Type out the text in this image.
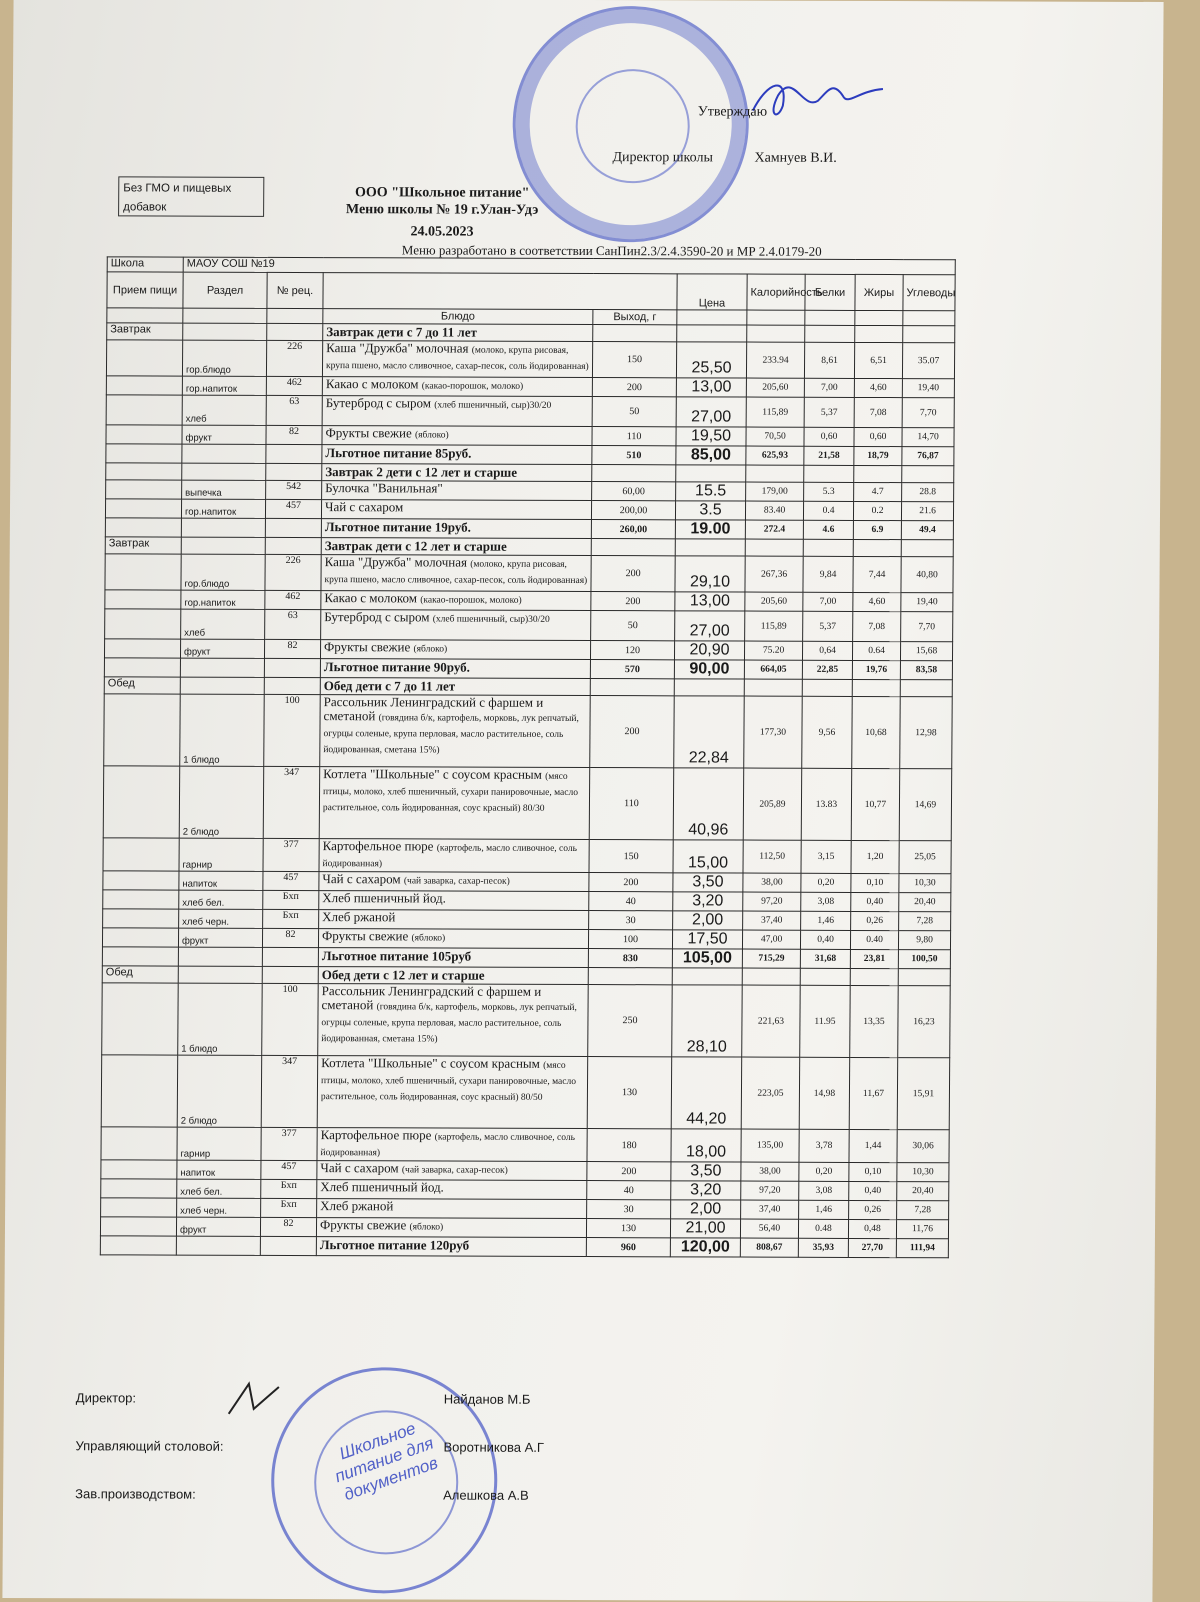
Утверждаю
Директор школы	Хамнуев В.И.
Без ГМО и пищевых добавок
ООО "Школьное питание"
Меню школы № 19 г.Улан-Удэ
24.05.2023
Меню разработано в соответствии СанПин2.3/2.4.3590-20 и МР 2.4.0179-20
Школа	МАОУ СОШ №19								
Прием пищи	Раздел	№ рец.			Цена	Калорийность	Белки	Жиры	Углеводы
			Блюдо	Выход, г					
Завтрак			Завтрак дети с 7 до 11 лет						
	гор.блюдо	226	Каша "Дружба" молочная (молоко, крупа рисовая, крупа пшено, масло сливочное, сахар-песок, соль йодированная)	150	25,50	233.94	8,61	6,51	35.07
	гор.напиток	462	Какао с молоком (какао-порошок, молоко)	200	13,00	205,60	7,00	4,60	19,40
	хлеб	63	Бутерброд с сыром (хлеб пшеничный, сыр)30/20	50	27,00	115,89	5,37	7,08	7,70
	фрукт	82	Фрукты свежие (яблоко)	110	19,50	70,50	0,60	0,60	14,70
			Льготное питание 85руб.	510	85,00	625,93	21,58	18,79	76,87
			Завтрак 2 дети с 12 лет и старше						
	выпечка	542	Булочка "Ванильная"	60,00	15.5	179,00	5.3	4.7	28.8
	гор.напиток	457	Чай с сахаром	200,00	3.5	83.40	0.4	0.2	21.6
			Льготное питание 19руб.	260,00	19.00	272.4	4.6	6.9	49.4
Завтрак			Завтрак дети с 12 лет и старше						
	гор.блюдо	226	Каша "Дружба" молочная (молоко, крупа рисовая, крупа пшено, масло сливочное, сахар-песок, соль йодированная)	200	29,10	267,36	9,84	7,44	40,80
	гор.напиток	462	Какао с молоком (какао-порошок, молоко)	200	13,00	205,60	7,00	4,60	19,40
	хлеб	63	Бутерброд с сыром (хлеб пшеничный, сыр)30/20	50	27,00	115,89	5,37	7,08	7,70
	фрукт	82	Фрукты свежие (яблоко)	120	20,90	75.20	0,64	0.64	15,68
			Льготное питание 90руб.	570	90,00	664,05	22,85	19,76	83,58
Обед			Обед дети с 7 до 11 лет						
	1 блюдо	100	Рассольник Ленинградский с фаршем и сметаной (говядина б/к, картофель, морковь, лук репчатый, огурцы соленые, крупа перловая, масло растительное, соль йодированная, сметана 15%)	200	22,84	177,30	9,56	10,68	12,98
	2 блюдо	347	Котлета "Школьные" с соусом красным (мясо птицы, молоко, хлеб пшеничный, сухари панировочные, масло растительное, соль йодированная, соус красный) 80/30	110	40,96	205,89	13.83	10,77	14,69
	гарнир	377	Картофельное пюре (картофель, масло сливочное, соль йодированная)	150	15,00	112,50	3,15	1,20	25,05
	напиток	457	Чай с сахаром (чай заварка, сахар-песок)	200	3,50	38,00	0,20	0,10	10,30
	хлеб бел.	Бхп	Хлеб пшеничный йод.	40	3,20	97,20	3,08	0,40	20,40
	хлеб черн.	Бхп	Хлеб ржаной	30	2,00	37,40	1,46	0,26	7,28
	фрукт	82	Фрукты свежие (яблоко)	100	17,50	47,00	0,40	0.40	9,80
			Льготное питание 105руб	830	105,00	715,29	31,68	23,81	100,50
Обед			Обед дети с 12 лет и старше						
	1 блюдо	100	Рассольник Ленинградский с фаршем и сметаной (говядина б/к, картофель, морковь, лук репчатый, огурцы соленые, крупа перловая, масло растительное, соль йодированная, сметана 15%)	250	28,10	221,63	11.95	13,35	16,23
	2 блюдо	347	Котлета "Школьные" с соусом красным (мясо птицы, молоко, хлеб пшеничный, сухари панировочные, масло растительное, соль йодированная, соус красный) 80/50	130	44,20	223,05	14,98	11,67	15,91
	гарнир	377	Картофельное пюре (картофель, масло сливочное, соль йодированная)	180	18,00	135,00	3,78	1,44	30,06
	напиток	457	Чай с сахаром (чай заварка, сахар-песок)	200	3,50	38,00	0,20	0,10	10,30
	хлеб бел.	Бхп	Хлеб пшеничный йод.	40	3,20	97,20	3,08	0,40	20,40
	хлеб черн.	Бхп	Хлеб ржаной	30	2,00	37,40	1,46	0,26	7,28
	фрукт	82	Фрукты свежие (яблоко)	130	21,00	56,40	0.48	0,48	11,76
			Льготное питание 120руб	960	120,00	808,67	35,93	27,70	111,94
Школьное питание для документов
Директор:	Найданов М.Б
Управляющий столовой:	Воротникова А.Г
Зав.производством:	Алешкова А.В
